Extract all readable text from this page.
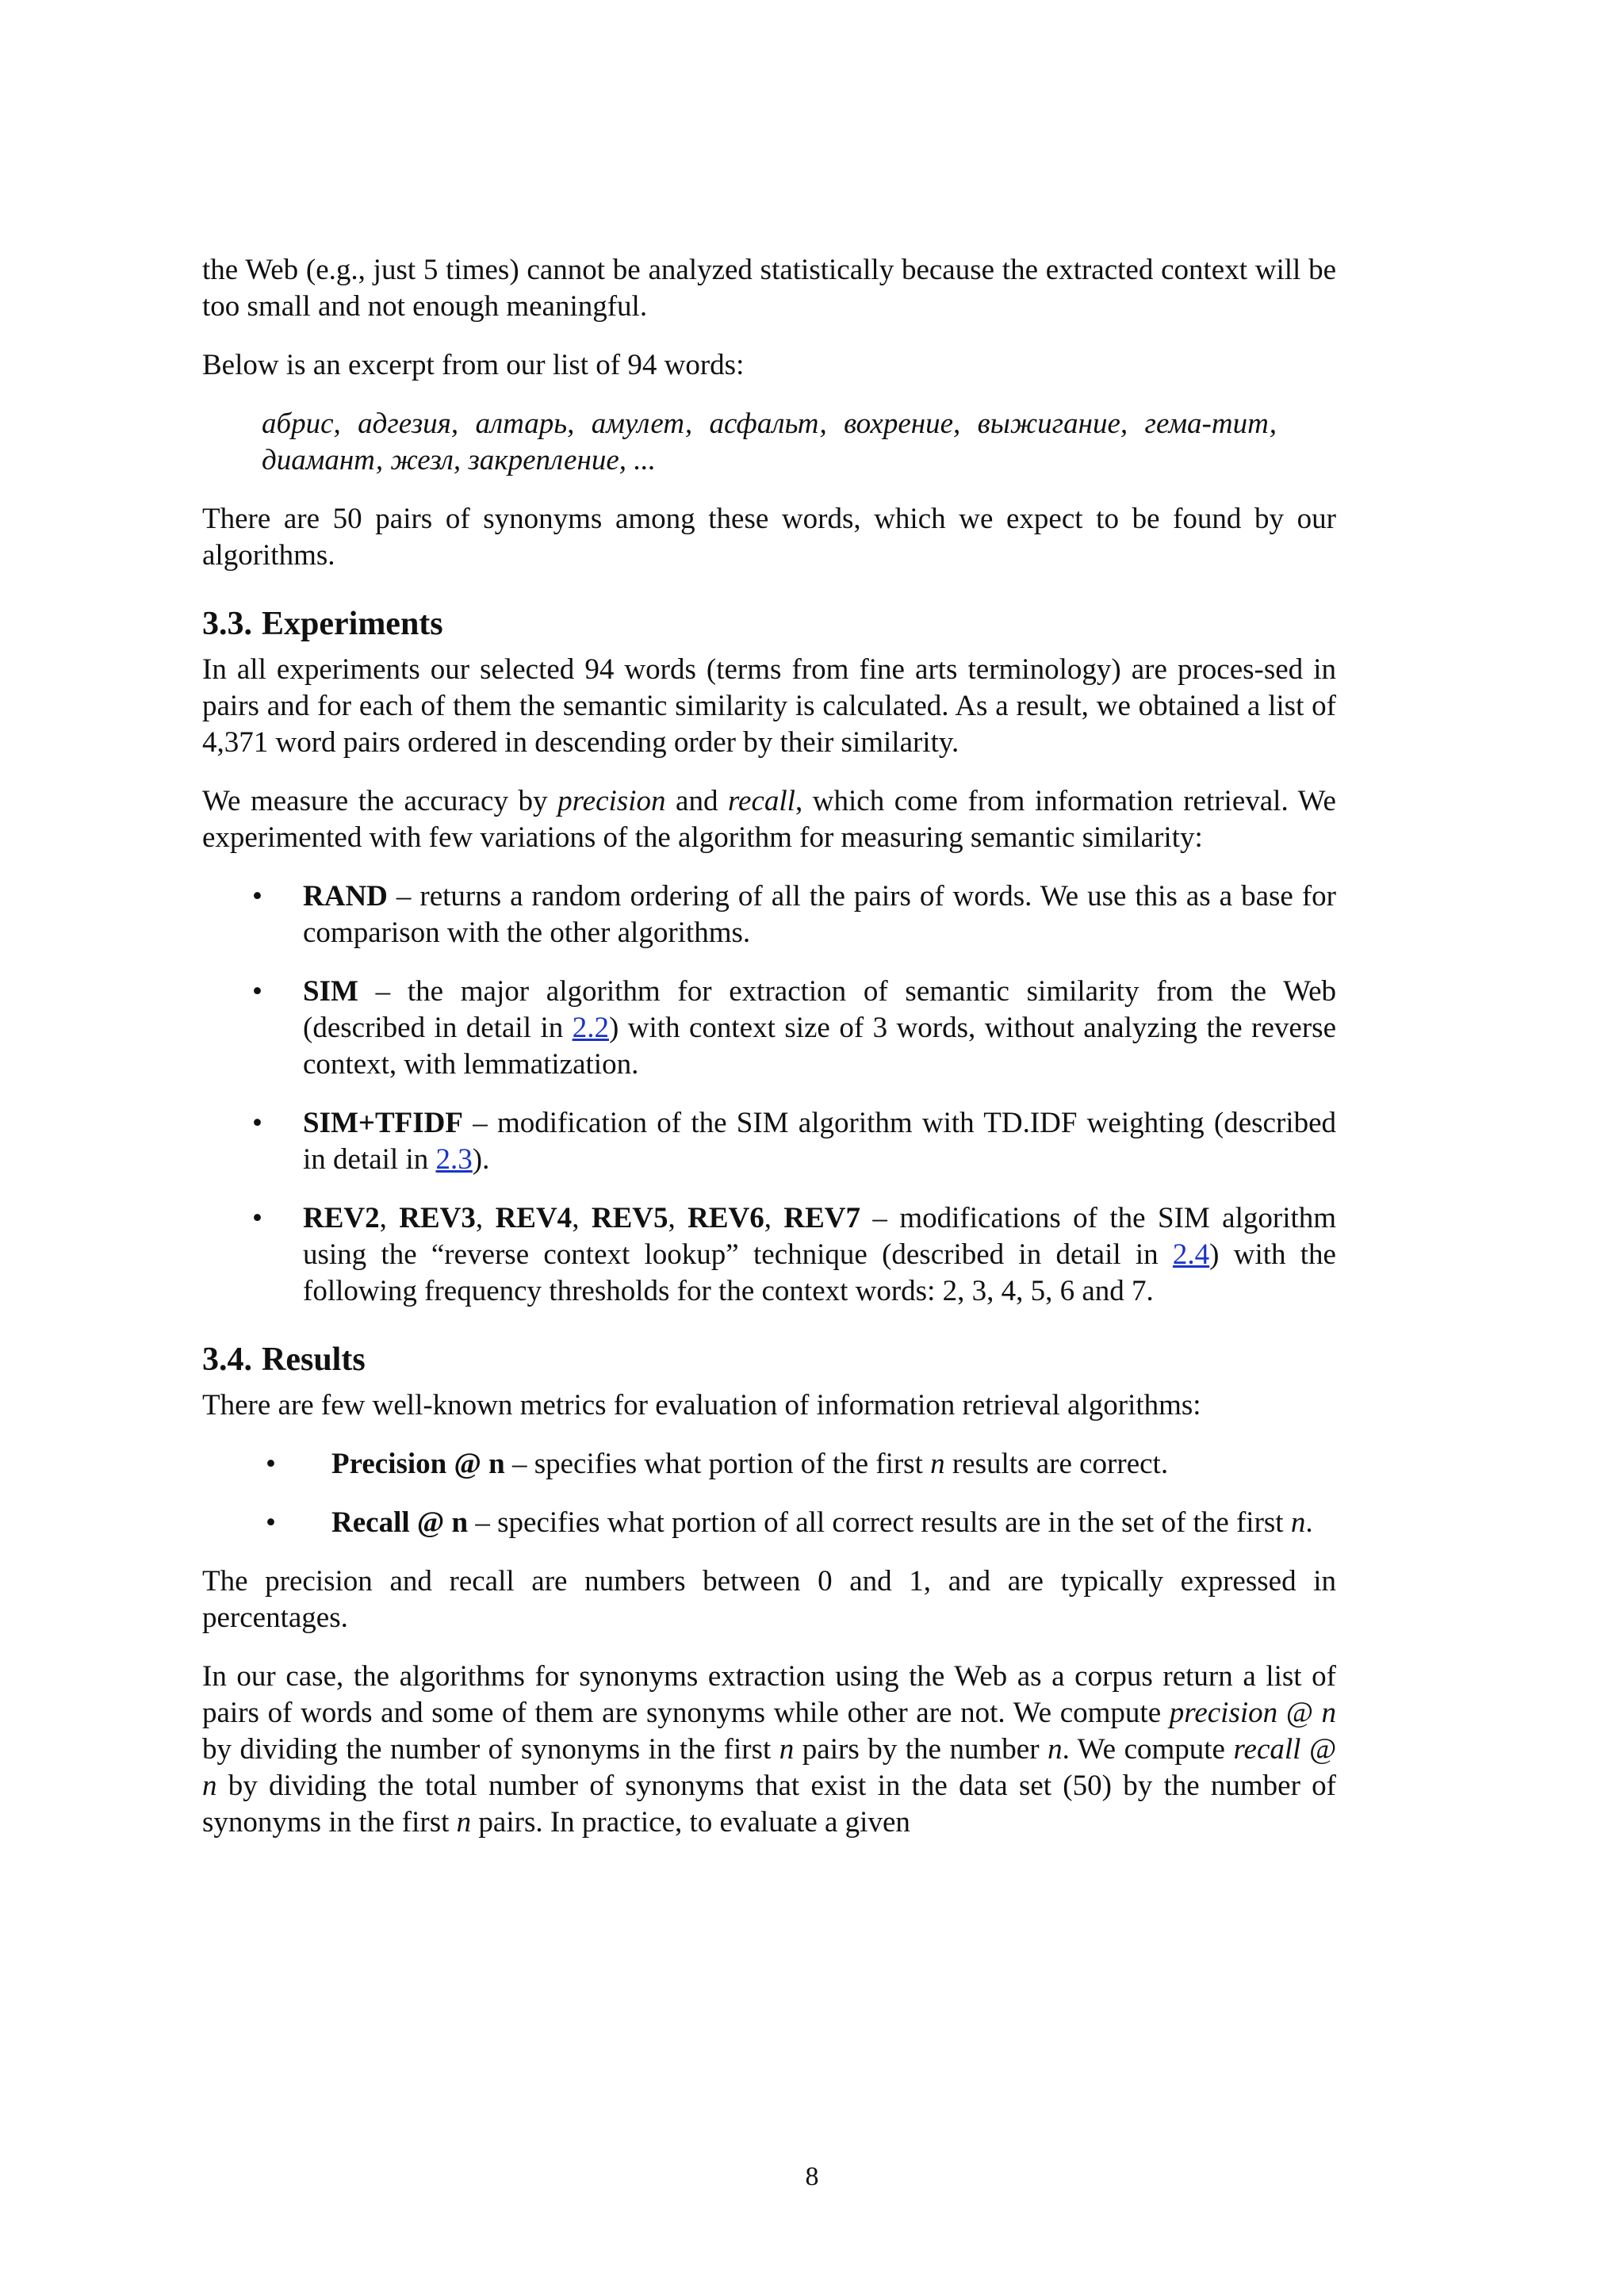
the Web (e.g., just 5 times) cannot be analyzed statistically because the extracted context will be too small and not enough meaningful.

Below is an excerpt from our list of 94 words:

абрис, адгезия, алтарь, амулет, асфальт, вохрение, выжигание, гема-тит, диамант, жезл, закрепление, ...

There are 50 pairs of synonyms among these words, which we expect to be found by our algorithms.

3.3. Experiments

In all experiments our selected 94 words (terms from fine arts terminology) are proces-sed in pairs and for each of them the semantic similarity is calculated. As a result, we obtained a list of 4,371 word pairs ordered in descending order by their similarity.

We measure the accuracy by precision and recall, which come from information retrieval. We experimented with few variations of the algorithm for measuring semantic similarity:

• RAND – returns a random ordering of all the pairs of words. We use this as a base for comparison with the other algorithms.
• SIM – the major algorithm for extraction of semantic similarity from the Web (described in detail in 2.2) with context size of 3 words, without analyzing the reverse context, with lemmatization.
• SIM+TFIDF – modification of the SIM algorithm with TD.IDF weighting (described in detail in 2.3).
• REV2, REV3, REV4, REV5, REV6, REV7 – modifications of the SIM algorithm using the “reverse context lookup” technique (described in detail in 2.4) with the following frequency thresholds for the context words: 2, 3, 4, 5, 6 and 7.
3.4. Results

There are few well-known metrics for evaluation of information retrieval algorithms:

• Precision @ n – specifies what portion of the first n results are correct.
• Recall @ n – specifies what portion of all correct results are in the set of the first n.

The precision and recall are numbers between 0 and 1, and are typically expressed in percentages.

In our case, the algorithms for synonyms extraction using the Web as a corpus return a list of pairs of words and some of them are synonyms while other are not. We compute precision @ n by dividing the number of synonyms in the first n pairs by the number n. We compute recall @ n by dividing the total number of synonyms that exist in the data set (50) by the number of synonyms in the first n pairs. In practice, to evaluate a given

8
